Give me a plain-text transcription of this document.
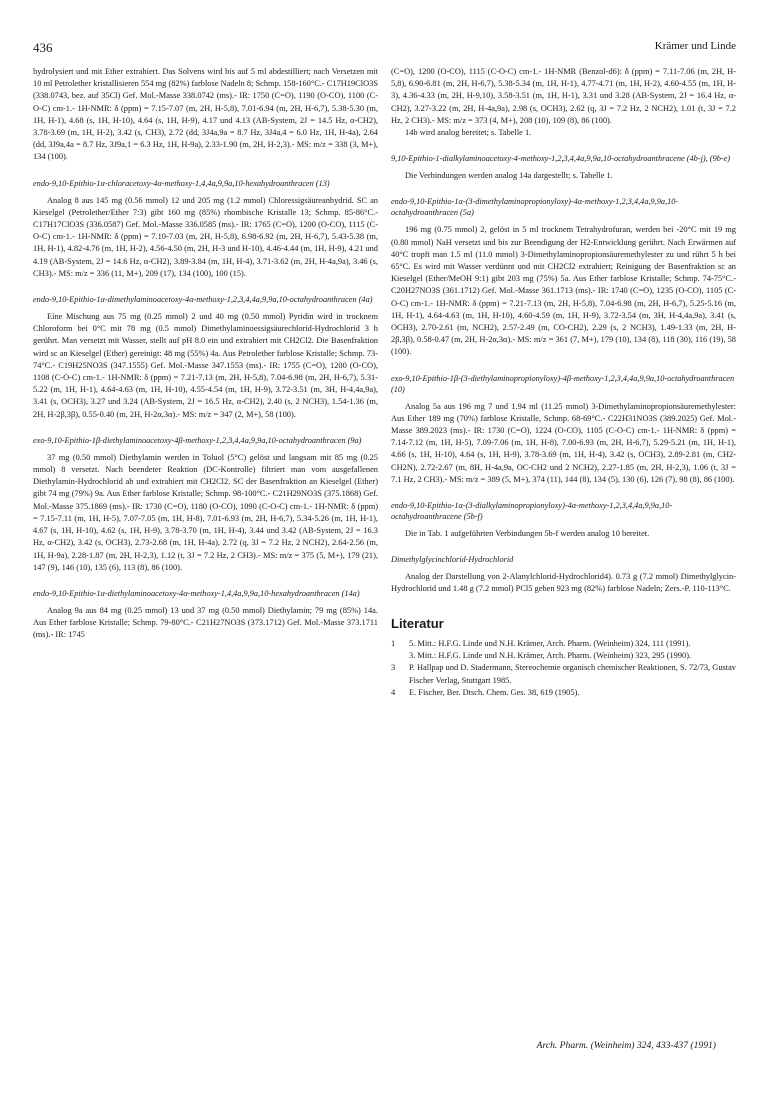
436	Krämer und Linde

hydrolysiert und mit Ether extrahiert. Das Solvens wird bis auf 5 ml abdestilliert; nach Versetzen mit 10 ml Petrolether kristallisieren 554 mg (82%) farblose Nadeln 8; Schmp. 158-160°C.- C17H19ClO3S (338.0743, bez. auf 35Cl) Gef. Mol.-Masse 338.0742 (ms).- IR: 1750 (C=O), 1190 (O-CO), 1100 (C-O-C) cm-1.- 1H-NMR: δ (ppm) = 7.15-7.07 (m, 2H, H-5,8), 7.01-6.94 (m, 2H, H-6,7), 5.38-5.30 (m, 1H, H-1), 4.68 (s, 1H, H-10), 4.64 (s, 1H, H-9), 4.17 und 4.13 (AB-System, 2J = 14.5 Hz, α-CH2), 3.78-3.69 (m, 1H, H-2), 3.42 (s, CH3), 2.72 (dd, 3J4a,9a = 8.7 Hz, 3J4a,4 = 6.0 Hz, 1H, H-4a), 2.64 (dd, 3J9a,4a = 8.7 Hz, 3J9a,1 = 6.3 Hz, 1H, H-9a), 2.33-1.90 (m, 2H, H-2,3).- MS: m/z = 338 (3, M+), 134 (100).

endo-9,10-Epithio-1α-chloracetoxy-4α-methoxy-1,4,4a,9,9a,10-hexahydroanthracen (13)

Analog 8 aus 145 mg (0.56 mmol) 12 und 205 mg (1.2 mmol) Chloressigsäureanhydrid. SC an Kieselgel (Petrolether/Ether 7:3) gibt 160 mg (85%) rhombische Kristalle 13; Schmp. 85-86°C.- C17H17ClO3S (336.0587) Gef. Mol.-Masse 336.0585 (ms).- IR: 1765 (C=O), 1200 (O-CO), 1115 (C-O-C) cm-1.- 1H-NMR: δ (ppm) = 7.10-7.03 (m, 2H, H-5,8), 6.98-6.92 (m, 2H, H-6,7), 5.43-5.38 (m, 1H, H-1), 4.82-4.76 (m, 1H, H-2), 4.56-4.50 (m, 2H, H-3 und H-10), 4.46-4.44 (m, 1H, H-9), 4.21 und 4.19 (AB-System, 2J = 14.6 Hz, α-CH2), 3.89-3.84 (m, 1H, H-4), 3.71-3.62 (m, 2H, H-4a,9a), 3.46 (s, CH3).- MS: m/z = 336 (11, M+), 209 (17), 134 (100), 100 (15).

endo-9,10-Epithio-1α-dimethylaminoacetoxy-4α-methoxy-1,2,3,4,4a,9,9a,10-octahydroanthracen (4a)

Eine Mischung aus 75 mg (0.25 mmol) 2 und 40 mg (0.50 mmol) Pyridin wird in trocknem Chloroform bei 0°C mit 78 mg (0.5 mmol) Dimethylaminoessigsäurechlorid-Hydrochlorid 3 h gerührt. Man versetzt mit Wasser, stellt auf pH 8.0 ein und extrahiert mit CH2Cl2. Die Basenfraktion wird sc an Kieselgel (Ether) gereinigt: 48 mg (55%) 4a. Aus Petrolether farblose Kristalle; Schmp. 73-74°C.- C19H25NO3S (347.1555) Gef. Mol.-Masse 347.1553 (ms).- IR: 1755 (C=O), 1200 (O-CO), 1108 (C-O-C) cm-1.- 1H-NMR: δ (ppm) = 7.21-7.13 (m, 2H, H-5,8), 7.04-6.98 (m, 2H, H-6,7), 5.31-5.22 (m, 1H, H-1), 4.64-4.63 (m, 1H, H-10), 4.55-4.54 (m, 1H, H-9), 3.72-3.51 (m, 3H, H-4,4a,9a), 3.41 (s, OCH3), 3.27 und 3.24 (AB-System, 2J = 16.5 Hz, α-CH2), 2.40 (s, 2 NCH3), 1.54-1.36 (m, 2H, H-2β,3β), 0.55-0.40 (m, 2H, H-2α,3α).- MS: m/z = 347 (2, M+), 58 (100).

exo-9,10-Epithio-1β-diethylaminoacetoxy-4β-methoxy-1,2,3,4,4a,9,9a,10-octahydroanthracen (9a)

37 mg (0.50 mmol) Diethylamin werden in Toluol (5°C) gelöst und langsam mit 85 mg (0.25 mmol) 8 versetzt. Nach beendeter Reaktion (DC-Kontrolle) filtriert man vom ausgefallenen Diethylamin-Hydrochlorid ab und extrahiert mit CH2Cl2. SC der Basenfraktion an Kieselgel (Ether) gibt 74 mg (79%) 9a. Aus Ether farblose Kristalle; Schmp. 98-100°C.- C21H29NO3S (375.1868) Gef. Mol.-Masse 375.1869 (ms).- IR: 1730 (C=O), 1180 (O-CO), 1090 (C-O-C) cm-1.- 1H-NMR: δ (ppm) = 7.15-7.11 (m, 1H, H-5), 7.07-7.05 (m, 1H, H-8), 7.01-6.93 (m, 2H, H-6,7), 5.34-5.26 (m, 1H, H-1), 4.67 (s, 1H, H-10), 4.62 (s, 1H, H-9), 3.78-3.70 (m, 1H, H-4), 3.44 und 3.42 (AB-System, 2J = 16.3 Hz, α-CH2), 3.42 (s, OCH3), 2.73-2.68 (m, 1H, H-4a), 2.72 (q, 3J = 7.2 Hz, 2 NCH2), 2.64-2.56 (m, 1H, H-9a), 2.28-1.87 (m, 2H, H-2,3), 1.12 (t, 3J = 7.2 Hz, 2 CH3).- MS: m/z = 375 (5, M+), 179 (21), 147 (9), 146 (10), 135 (6), 113 (8), 86 (100).

endo-9,10-Epithio-1α-diethylaminoacetoxy-4α-methoxy-1,4,4a,9,9a,10-hexahydroanthracen (14a)

Analog 9a aus 84 mg (0.25 mmol) 13 und 37 mg (0.50 mmol) Diethylamin; 79 mg (85%) 14a. Aus Ether farblose Kristalle; Schmp. 79-80°C.- C21H27NO3S (373.1712) Gef. Mol.-Masse 373.1711 (ms).- IR: 1745

(C=O), 1200 (O-CO), 1115 (C-O-C) cm-1.- 1H-NMR (Benzol-d6): δ (ppm) = 7.11-7.06 (m, 2H, H-5,8), 6.90-6.81 (m, 2H, H-6,7), 5.38-5.34 (m, 1H, H-1), 4.77-4.71 (m, 1H, H-2), 4.60-4.55 (m, 1H, H-3), 4.36-4.33 (m, 2H, H-9,10), 3.58-3.51 (m, 1H, H-1), 3.31 und 3.28 (AB-System, 2J = 16.4 Hz, α-CH2), 3.27-3.22 (m, 2H, H-4a,9a), 2.98 (s, OCH3), 2.62 (q, 3J = 7.2 Hz, 2 NCH2), 1.01 (t, 3J = 7.2 Hz, 2 CH3).- MS: m/z = 373 (4, M+), 208 (10), 109 (8), 86 (100).

14b wird analog bereitet; s. Tabelle 1.

9,10-Epithio-1-dialkylaminoacetoxy-4-methoxy-1,2,3,4,4a,9,9a,10-octahydroanthracene (4b-j), (9b-e)

Die Verbindungen werden analog 14a dargestellt; s. Tabelle 1.

endo-9,10-Epithio-1α-(3-dimethylaminopropionyloxy)-4α-methoxy-1,2,3,4,4a,9,9a,10-octahydroanthracen (5a)

196 mg (0.75 mmol) 2, gelöst in 5 ml trocknem Tetrahydrofuran, werden bei -20°C mit 19 mg (0.80 mmol) NaH versetzt und bis zur Beendigung der H2-Entwicklung gerührt. Nach Erwärmen auf 40°C tropft man 1.5 ml (11.0 mmol) 3-Dimethylaminopropionsäuremethylester zu und rührt 5 h bei 65°C. Es wird mit Wasser verdünnt und mit CH2Cl2 extrahiert; Reinigung der Basenfraktion sc an Kieselgel (Ether/MeOH 9:1) gibt 203 mg (75%) 5a. Aus Ether farblose Kristalle; Schmp. 74-75°C.- C20H27NO3S (361.1712) Gef. Mol.-Masse 361.1713 (ms).- IR: 1740 (C=O), 1235 (O-CO), 1105 (C-O-C) cm-1.- 1H-NMR: δ (ppm) = 7.21-7.13 (m, 2H, H-5,8), 7.04-6.98 (m, 2H, H-6,7), 5.25-5.16 (m, 1H, H-1), 4.64-4.63 (m, 1H, H-10), 4.60-4.59 (m, 1H, H-9), 3.72-3.54 (m, 3H, H-4,4a,9a), 3.41 (s, OCH3), 2.70-2.61 (m, NCH2), 2.57-2.49 (m, CO-CH2), 2.29 (s, 2 NCH3), 1.49-1.33 (m, 2H, H-2β,3β), 0.58-0.47 (m, 2H, H-2α,3α).- MS: m/z = 361 (7, M+), 179 (10), 134 (8), 118 (30), 116 (19), 58 (100).

exo-9,10-Epithio-1β-(3-diethylaminopropionyloxy)-4β-methoxy-1,2,3,4,4a,9,9a,10-octahydroanthracen (10)

Analog 5a aus 196 mg 7 und 1.94 ml (11.25 mmol) 3-Dimethylaminopropionsäuremethylester: Aus Ether 189 mg (70%) farblose Kristalle, Schmp. 68-69°C.- C22H31NO3S (389.2025) Gef. Mol.-Masse 389.2023 (ms).- IR: 1730 (C=O), 1224 (O-CO), 1105 (C-O-C) cm-1.- 1H-NMR: δ (ppm) = 7.14-7.12 (m, 1H, H-5), 7.09-7.06 (m, 1H, H-8), 7.00-6.93 (m, 2H, H-6,7), 5.29-5.21 (m, 1H, H-1), 4.66 (s, 1H, H-10), 4.64 (s, 1H, H-9), 3.78-3.69 (m, 1H, H-4), 3.42 (s, OCH3), 2.89-2.81 (m, CH2-CH2N), 2.72-2.67 (m, 8H, H-4a,9a, OC-CH2 und 2 NCH2), 2.27-1.85 (m, 2H, H-2,3), 1.06 (t, 3J = 7.1 Hz, 2 CH3).- MS: m/z = 389 (5, M+), 374 (11), 144 (8), 134 (5), 130 (6), 126 (7), 98 (8), 86 (100).

endo-9,10-Epithio-1α-(3-dialkylaminopropionyloxy)-4α-methoxy-1,2,3,4,4a,9,9a,10-octahydroanthracene (5b-f)

Die in Tab. 1 aufgeführten Verbindungen 5b-f werden analog 10 bereitet.

Dimethylglycinchlorid-Hydrochlorid

Analog der Darstellung von 2-Alanylchlorid-Hydrochlorid4). 0.73 g (7.2 mmol) Dimethylglycin-Hydrochlorid und 1.48 g (7.2 mmol) PCl5 geben 923 mg (82%) farblose Nadeln; Zers.-P. 110-113°C.

Literatur
1	5. Mitt.: H.F.G. Linde und N.H. Krämer, Arch. Pharm. (Weinheim) 324, 111 (1991).
3. Mitt.: H.F.G. Linde und N.H. Krämer, Arch. Pharm. (Weinheim) 323, 295 (1990).
3	P. Hallpap und D. Stadermann, Stereochemie organisch chemischer Reaktionen, S. 72/73, Gustav Fischer Verlag, Stuttgart 1985.
4	E. Fischer, Ber. Dtsch. Chem. Ges. 38, 619 (1905).
Arch. Pharm. (Weinheim) 324, 433-437 (1991)
